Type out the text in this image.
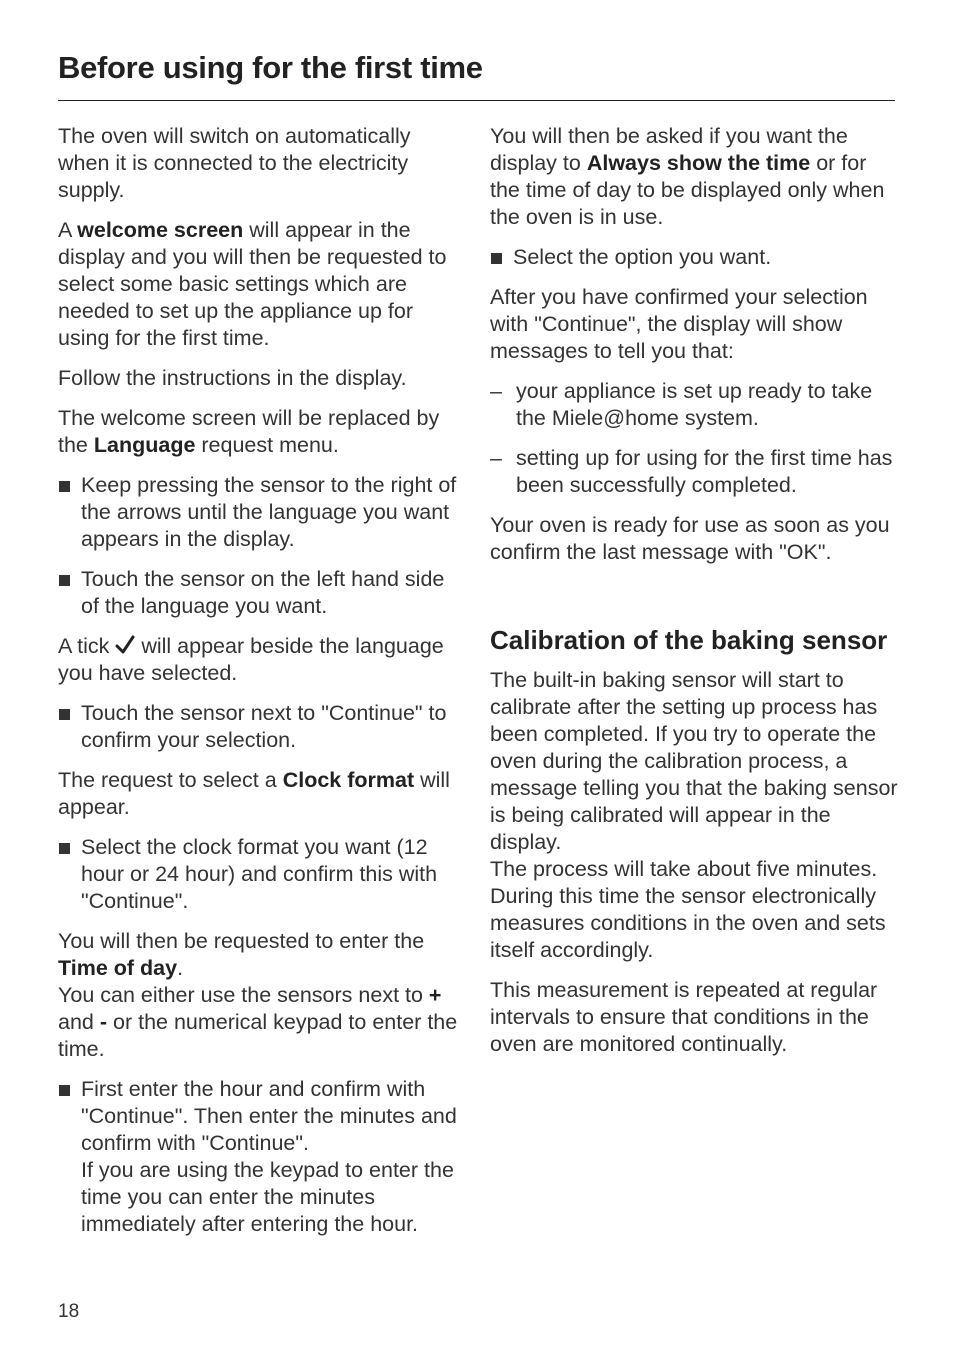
Before using for the first time

The oven will switch on automatically when it is connected to the electricity supply.

A welcome screen will appear in the display and you will then be requested to select some basic settings which are needed to set up the appliance up for using for the first time.

Follow the instructions in the display.

The welcome screen will be replaced by the Language request menu.

Keep pressing the sensor to the right of the arrows until the language you want appears in the display.
Touch the sensor on the left hand side of the language you want.

A tick  will appear beside the language you have selected.

Touch the sensor next to "Continue" to confirm your selection.

The request to select a Clock format will appear.

Select the clock format you want (12 hour or 24 hour) and confirm this with "Continue".

You will then be requested to enter the Time of day.
You can either use the sensors next to + and - or the numerical keypad to enter the time.

First enter the hour and confirm with "Continue". Then enter the minutes and confirm with "Continue".
If you are using the keypad to enter the time you can enter the minutes immediately after entering the hour.

You will then be asked if you want the display to Always show the time or for the time of day to be displayed only when the oven is in use.

Select the option you want.

After you have confirmed your selection with "Continue", the display will show messages to tell you that:

– your appliance is set up ready to take the Miele@home system.
– setting up for using for the first time has been successfully completed.

Your oven is ready for use as soon as you confirm the last message with "OK".

Calibration of the baking sensor

The built-in baking sensor will start to calibrate after the setting up process has been completed. If you try to operate the oven during the calibration process, a message telling you that the baking sensor is being calibrated will appear in the display.
The process will take about five minutes.
During this time the sensor electronically measures conditions in the oven and sets itself accordingly.

This measurement is repeated at regular intervals to ensure that conditions in the oven are monitored continually.

18
